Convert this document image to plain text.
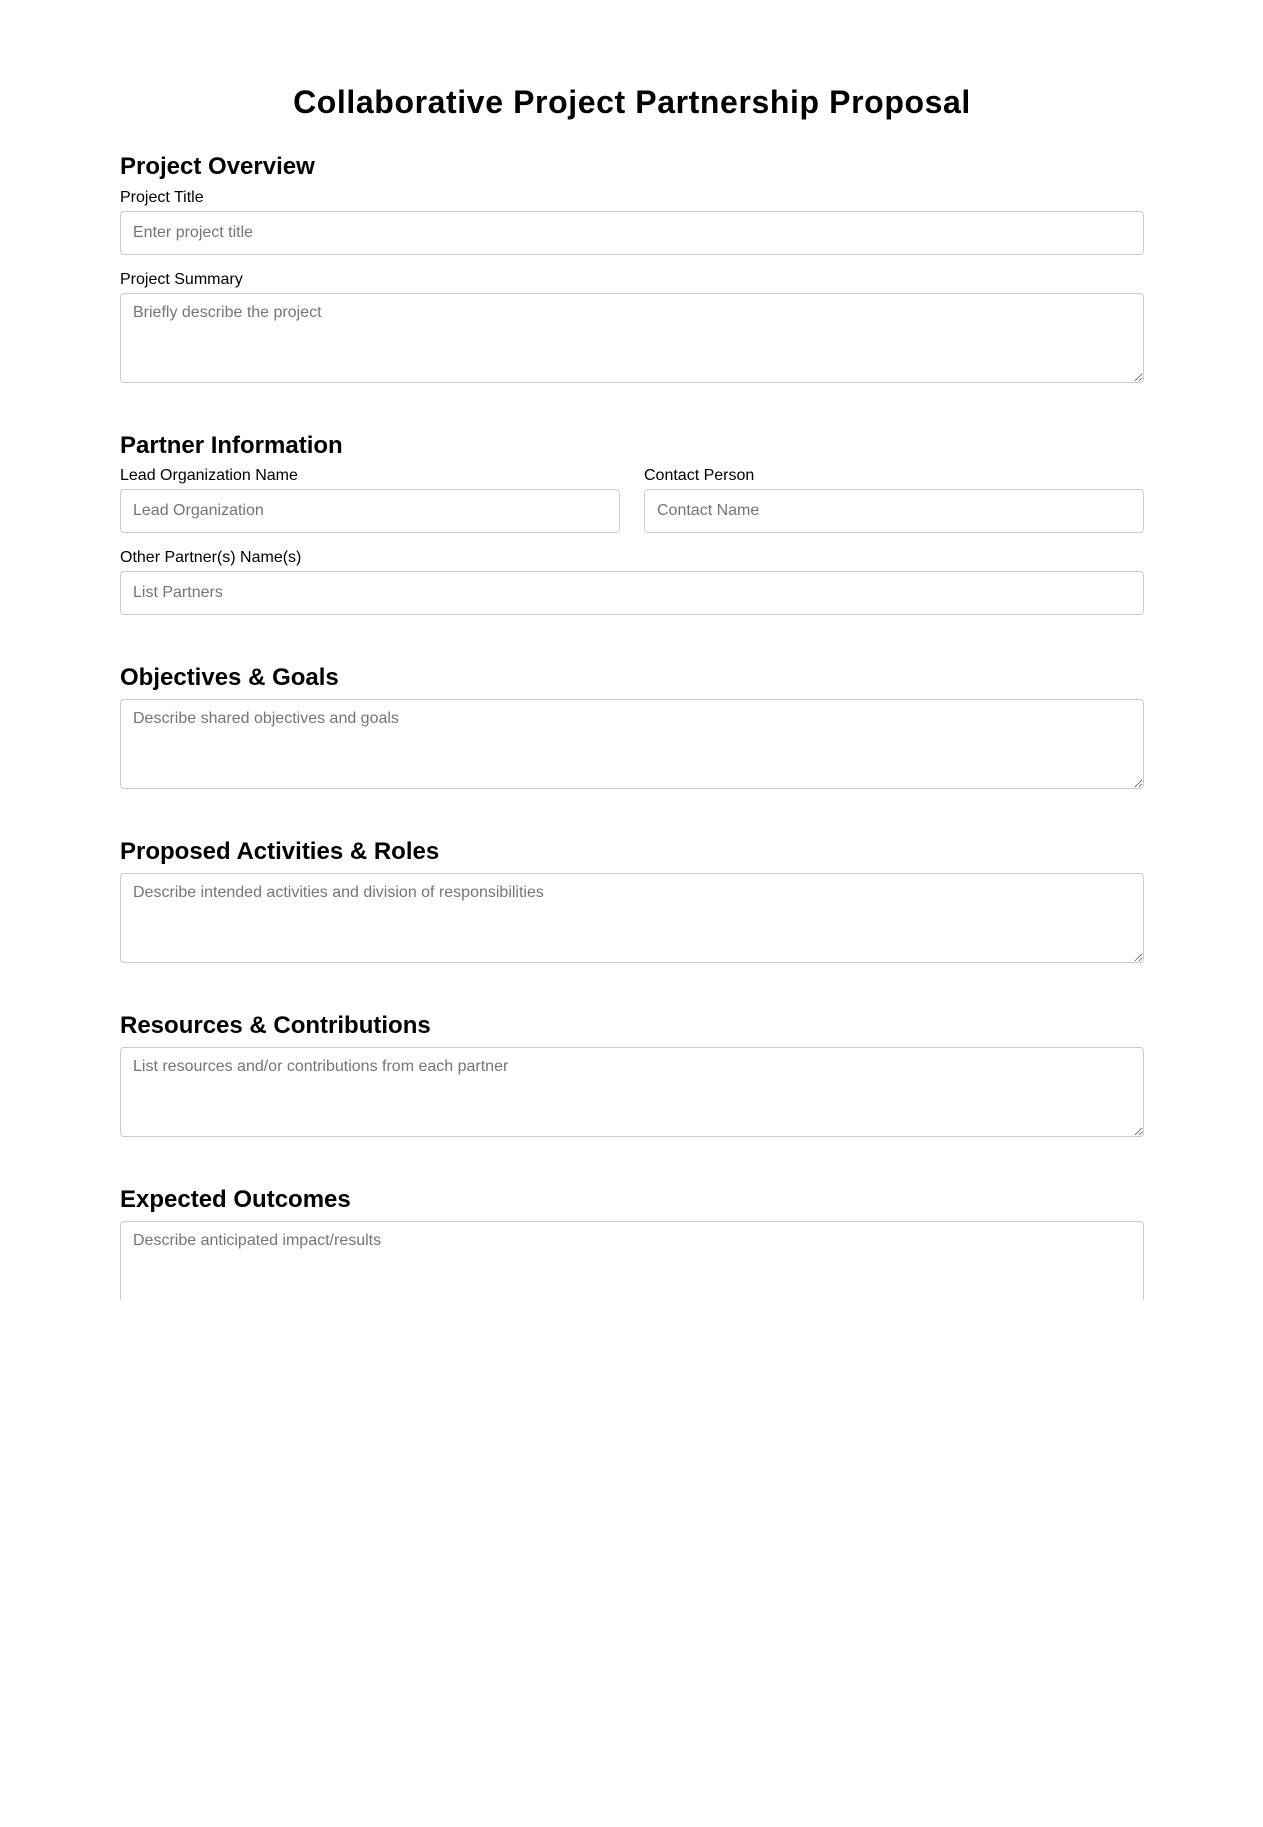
Collaborative Project Partnership Proposal
Project Overview
Project Title
Enter project title
Project Summary
Briefly describe the project
Partner Information
Lead Organization Name
Lead Organization	Contact Person
Contact Name
Other Partner(s) Name(s)
List Partners
Objectives & Goals
Describe shared objectives and goals
Proposed Activities & Roles
Describe intended activities and division of responsibilities
Resources & Contributions
List resources and/or contributions from each partner
Expected Outcomes
Describe anticipated impact/results
